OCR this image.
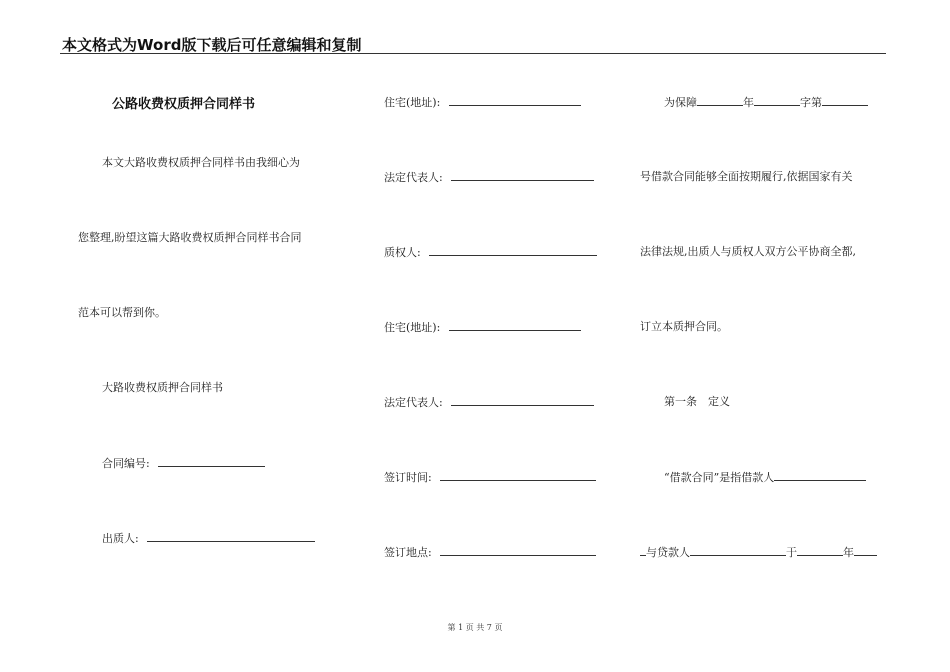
本文格式为Word版下载后可任意编辑和复制
公路收费权质押合同样书
本文大路收费权质押合同样书由我细心为
您整理,盼望这篇大路收费权质押合同样书合同
范本可以帮到你。
大路收费权质押合同样书
合同编号:
出质人:
住宅(地址):
法定代表人:
质权人:
住宅(地址):
法定代表人:
签订时间:
签订地点:
为保障	年	字第
号借款合同能够全面按期履行,依据国家有关
法律法规,出质人与质权人双方公平协商全都,
订立本质押合同。
第一条　定义
“借款合同”是指借款人
与贷款人	于	年
第 1 页 共 7 页
